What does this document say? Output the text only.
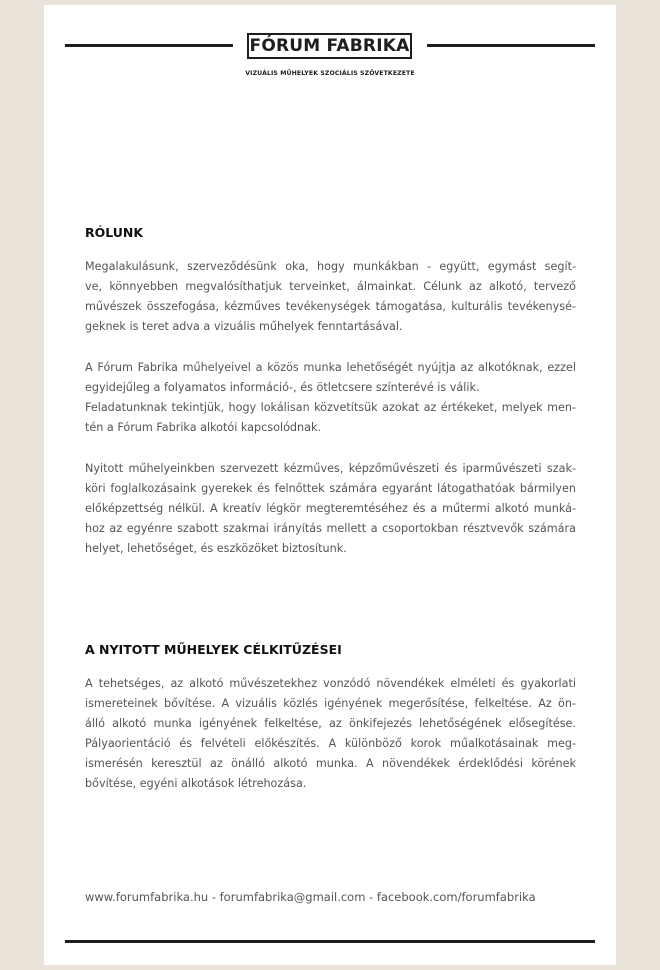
FÓRUM FABRIKA
VIZUÁLIS MŰHELYEK SZOCIÁLIS SZÖVETKEZETE
RÓLUNK
Megalakulásunk, szerveződésünk oka, hogy munkákban - együtt, egymást segít-
ve, könnyebben megvalósíthatjuk terveinket, álmainkat. Célunk az alkotó, tervező
művészek összefogása, kézműves tevékenységek támogatása, kulturális tevékenysé-
geknek is teret adva a vizuális műhelyek fenntartásával.
A Fórum Fabrika műhelyeivel a közös munka lehetőségét nyújtja az alkotóknak, ezzel
egyidejűleg a folyamatos információ-, és ötletcsere színterévé is válik.
Feladatunknak tekintjük, hogy lokálisan közvetítsük azokat az értékeket, melyek men-
tén a Fórum Fabrika alkotói kapcsolódnak.
Nyitott műhelyeinkben szervezett kézműves, képzőművészeti és iparművészeti szak-
köri foglalkozásaink gyerekek és felnőttek számára egyaránt látogathatóak bármilyen
előképzettség nélkül. A kreatív légkör megteremtéséhez és a műtermi alkotó munká-
hoz az egyénre szabott szakmai irányítás mellett a csoportokban résztvevők számára
helyet, lehetőséget, és eszközöket biztosítunk.
A NYITOTT MŰHELYEK CÉLKITŰZÉSEI
A tehetséges, az alkotó művészetekhez vonzódó növendékek elméleti és gyakorlati
ismereteinek bővítése. A vizuális közlés igényének megerősítése, felkeltése. Az ön-
álló alkotó munka igényének felkeltése, az önkifejezés lehetőségének elősegítése.
Pályaorientáció és felvételi előkészítés. A különböző korok műalkotásainak meg-
ismerésén keresztül az önálló alkotó munka. A növendékek érdeklődési körének
bővítése, egyéni alkotások létrehozása.
www.forumfabrika.hu - forumfabrika@gmail.com - facebook.com/forumfabrika
